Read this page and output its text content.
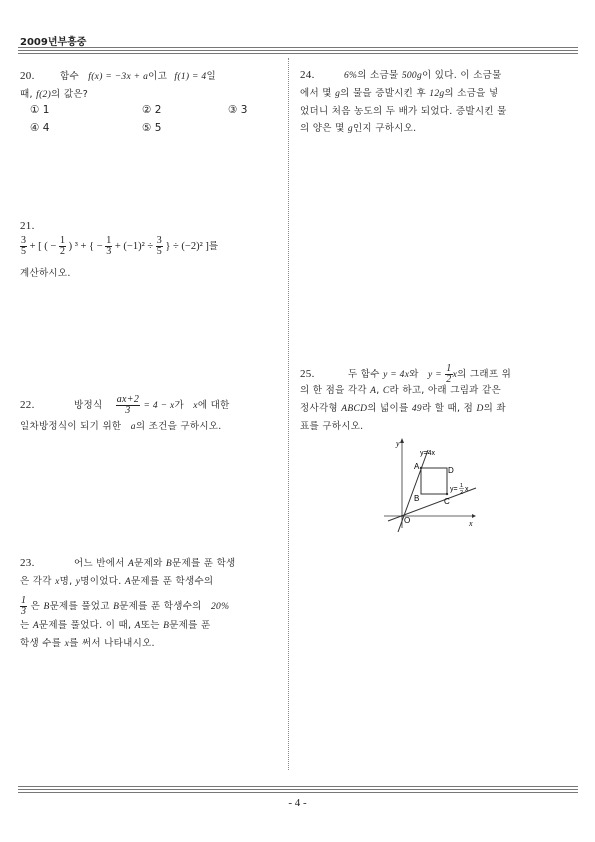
2009년부흥중
20.	함수 f(x) = −3x + a이고 f(1) = 4일
때, f(2)의 값은?
① 1	② 2	③ 3
④ 4	⑤ 5
21.
$\frac{3}{5}$ + [ ( − $\frac{1}{2}$ ) ³ + { − $\frac{1}{3} + (-1)^2 \div \frac{3}{5}$ } ÷ (−2)² ]를
계산하시오.
22.	방정식 $\frac{ax+2}{3} = 4 - x$가 x에 대한
일차방정식이 되기 위한 a의 조건을 구하시오.
23.	어느 반에서 A문제와 B문제를 푼 학생
은 각각 x명, y명이었다. A문제를 푼 학생수의
$\frac{1}{3}$ 은 B문제를 풀었고 B문제를 푼 학생수의 20%
는 A문제를 풀었다. 이 때, A또는 B문제를 푼
학생 수를 x를 써서 나타내시오.
24.	6%의 소금물 500g이 있다. 이 소금물
에서 몇 g의 물을 증발시킨 후 12g의 소금을 넣
었더니 처음 농도의 두 배가 되었다. 증발시킨 물
의 양은 몇 g인지 구하시오.
25.	두 함수 y = 4x와 $y = \frac{1}{2}$ x의 그래프 위
의 한 점을 각각 A, C라 하고, 아래 그림과 같은
정사각형 ABCD의 넓이를 49라 할 때, 점 D의 좌
표를 구하시오.
y
x
O
A
B	C
D
y=4x
y= 1
2 x
- 4 -
